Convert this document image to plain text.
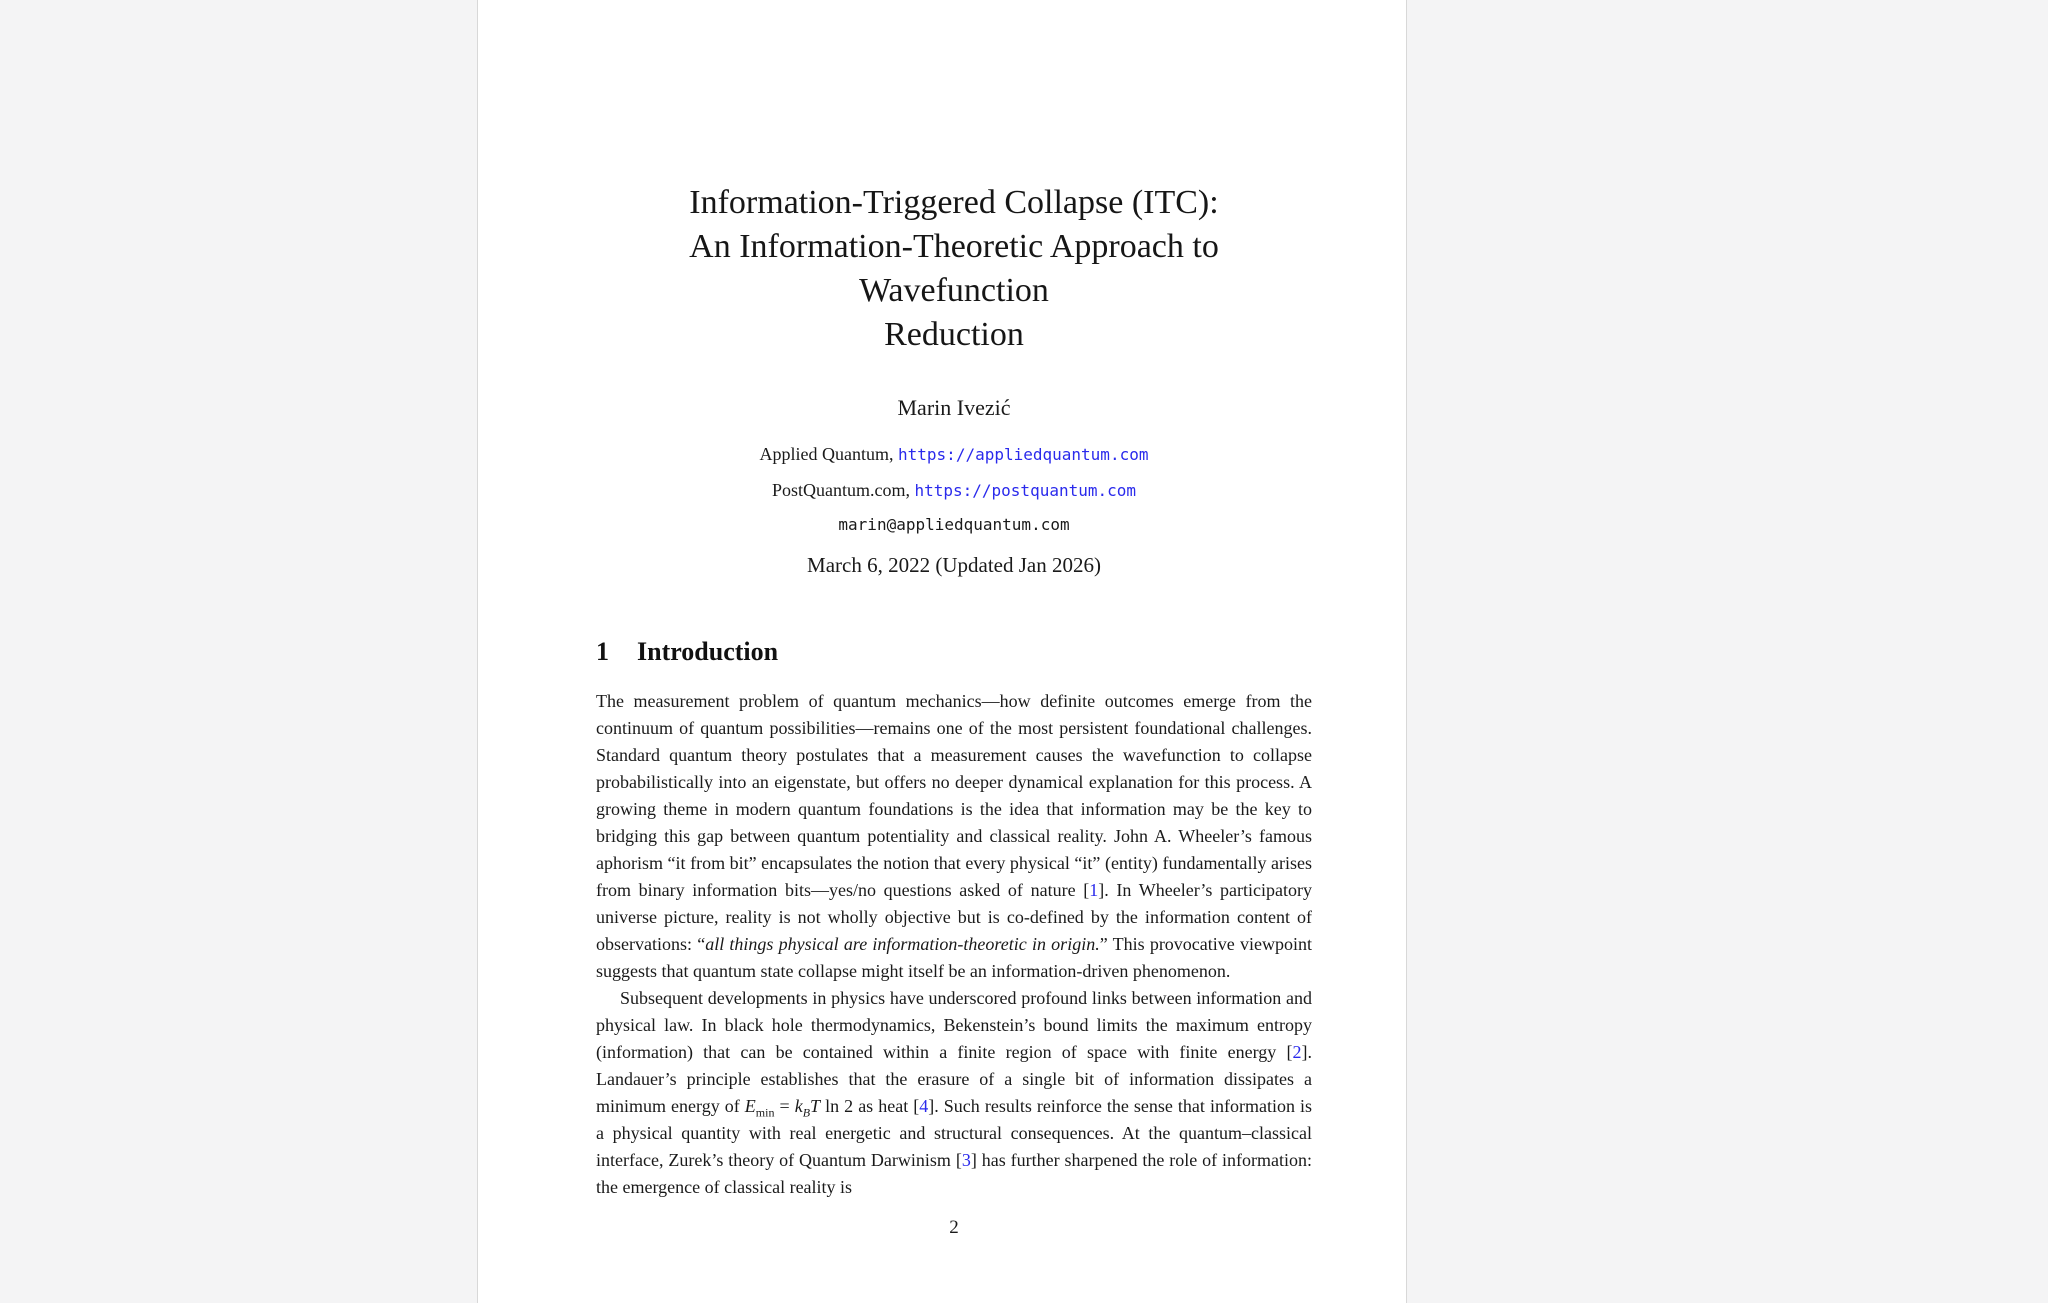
Information-Triggered Collapse (ITC):
An Information-Theoretic Approach to Wavefunction
Reduction
Marin Ivezić
Applied Quantum, https://appliedquantum.com
PostQuantum.com, https://postquantum.com
marin@appliedquantum.com
March 6, 2022 (Updated Jan 2026)
1 Introduction

The measurement problem of quantum mechanics—how definite outcomes emerge from the continuum of quantum possibilities—remains one of the most persistent foundational challenges. Standard quantum theory postulates that a measurement causes the wavefunction to collapse probabilistically into an eigenstate, but offers no deeper dynamical explanation for this process. A growing theme in modern quantum foundations is the idea that information may be the key to bridging this gap between quantum potentiality and classical reality. John A. Wheeler’s famous aphorism “it from bit” encapsulates the notion that every physical “it” (entity) fundamentally arises from binary information bits—yes/no questions asked of nature [1]. In Wheeler’s participatory universe picture, reality is not wholly objective but is co-defined by the information content of observations: “all things physical are information-theoretic in origin.” This provocative viewpoint suggests that quantum state collapse might itself be an information-driven phenomenon.

Subsequent developments in physics have underscored profound links between information and physical law. In black hole thermodynamics, Bekenstein’s bound limits the maximum entropy (information) that can be contained within a finite region of space with finite energy [2]. Landauer’s principle establishes that the erasure of a single bit of information dissipates a minimum energy of $E_{min} = k_BT$ ln 2 as heat [4]. Such results reinforce the sense that information is a physical quantity with real energetic and structural consequences. At the quantum–classical interface, Zurek’s theory of Quantum Darwinism [3] has further sharpened the role of information: the emergence of classical reality is

2
